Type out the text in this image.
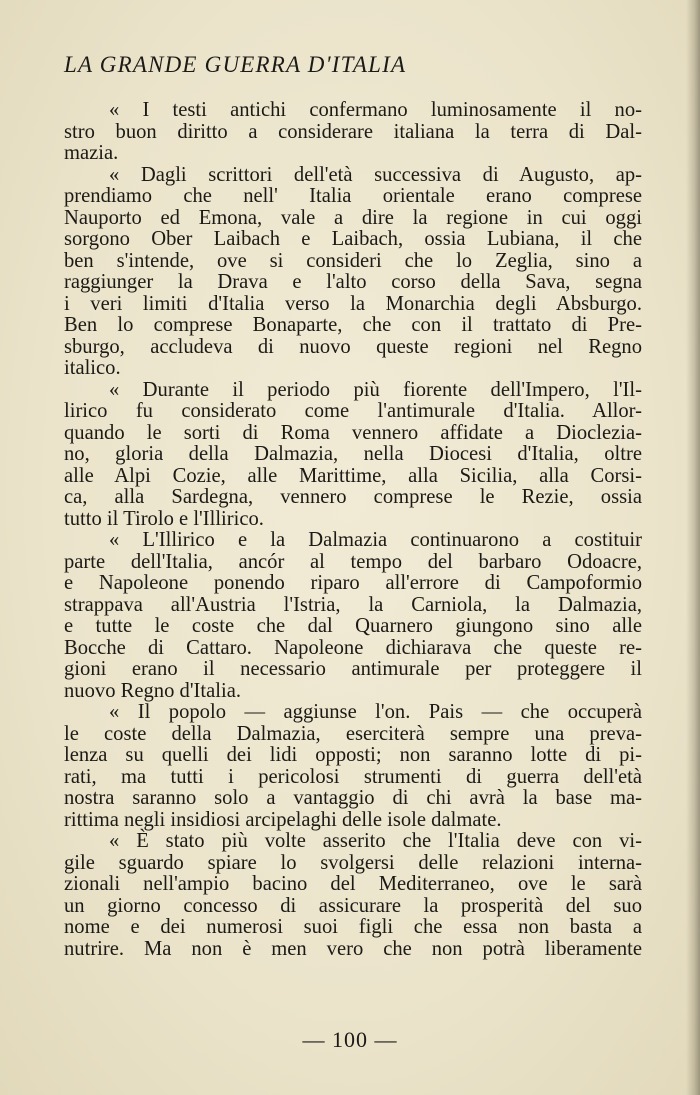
LA GRANDE GUERRA D'ITALIA

« I testi antichi confermano luminosamente il no-
stro buon diritto a considerare italiana la terra di Dal-
mazia.

« Dagli scrittori dell'età successiva di Augusto, ap-
prendiamo che nell' Italia orientale erano comprese
Nauporto ed Emona, vale a dire la regione in cui oggi
sorgono Ober Laibach e Laibach, ossia Lubiana, il che
ben s'intende, ove si consideri che lo Zeglia, sino a
raggiunger la Drava e l'alto corso della Sava, segna
i veri limiti d'Italia verso la Monarchia degli Absburgo.
Ben lo comprese Bonaparte, che con il trattato di Pre-
sburgo, accludeva di nuovo queste regioni nel Regno
italico.

« Durante il periodo più fiorente dell'Impero, l'Il-
lirico fu considerato come l'antimurale d'Italia. Allor-
quando le sorti di Roma vennero affidate a Diocleziа-
no, gloria della Dalmazia, nella Diocesi d'Italia, oltre
alle Alpi Cozie, alle Marittime, alla Sicilia, alla Corsi-
ca, alla Sardegna, vennero comprese le Rezie, ossia
tutto il Tirolo e l'Illirico.

« L'Illirico e la Dalmazia continuarono a costituir
parte dell'Italia, ancór al tempo del barbaro Odoacre,
e Napoleone ponendo riparo all'errore di Campoformio
strappava all'Austria l'Istria, la Carniola, la Dalmazia,
e tutte le coste che dal Quarnero giungono sino alle
Bocche di Cattaro. Napoleone dichiarava che queste re-
gioni erano il necessario antimurale per proteggere il
nuovo Regno d'Italia.

« Il popolo — aggiunse l'on. Pais — che occuperà
le coste della Dalmazia, eserciterà sempre una preva-
lenza su quelli dei lidi opposti; non saranno lotte di pi-
rati, ma tutti i pericolosi strumenti di guerra dell'età
nostra saranno solo a vantaggio di chi avrà la base ma-
rittima negli insidiosi arcipelaghi delle isole dalmate.

« È stato più volte asserito che l'Italia deve con vi-
gile sguardo spiare lo svolgersi delle relazioni interna-
zionali nell'ampio bacino del Mediterraneo, ove le sarà
un giorno concesso di assicurare la prosperità del suo
nome e dei numerosi suoi figli che essa non basta a
nutrire. Ma non è men vero che non potrà liberamente

— 100 —
